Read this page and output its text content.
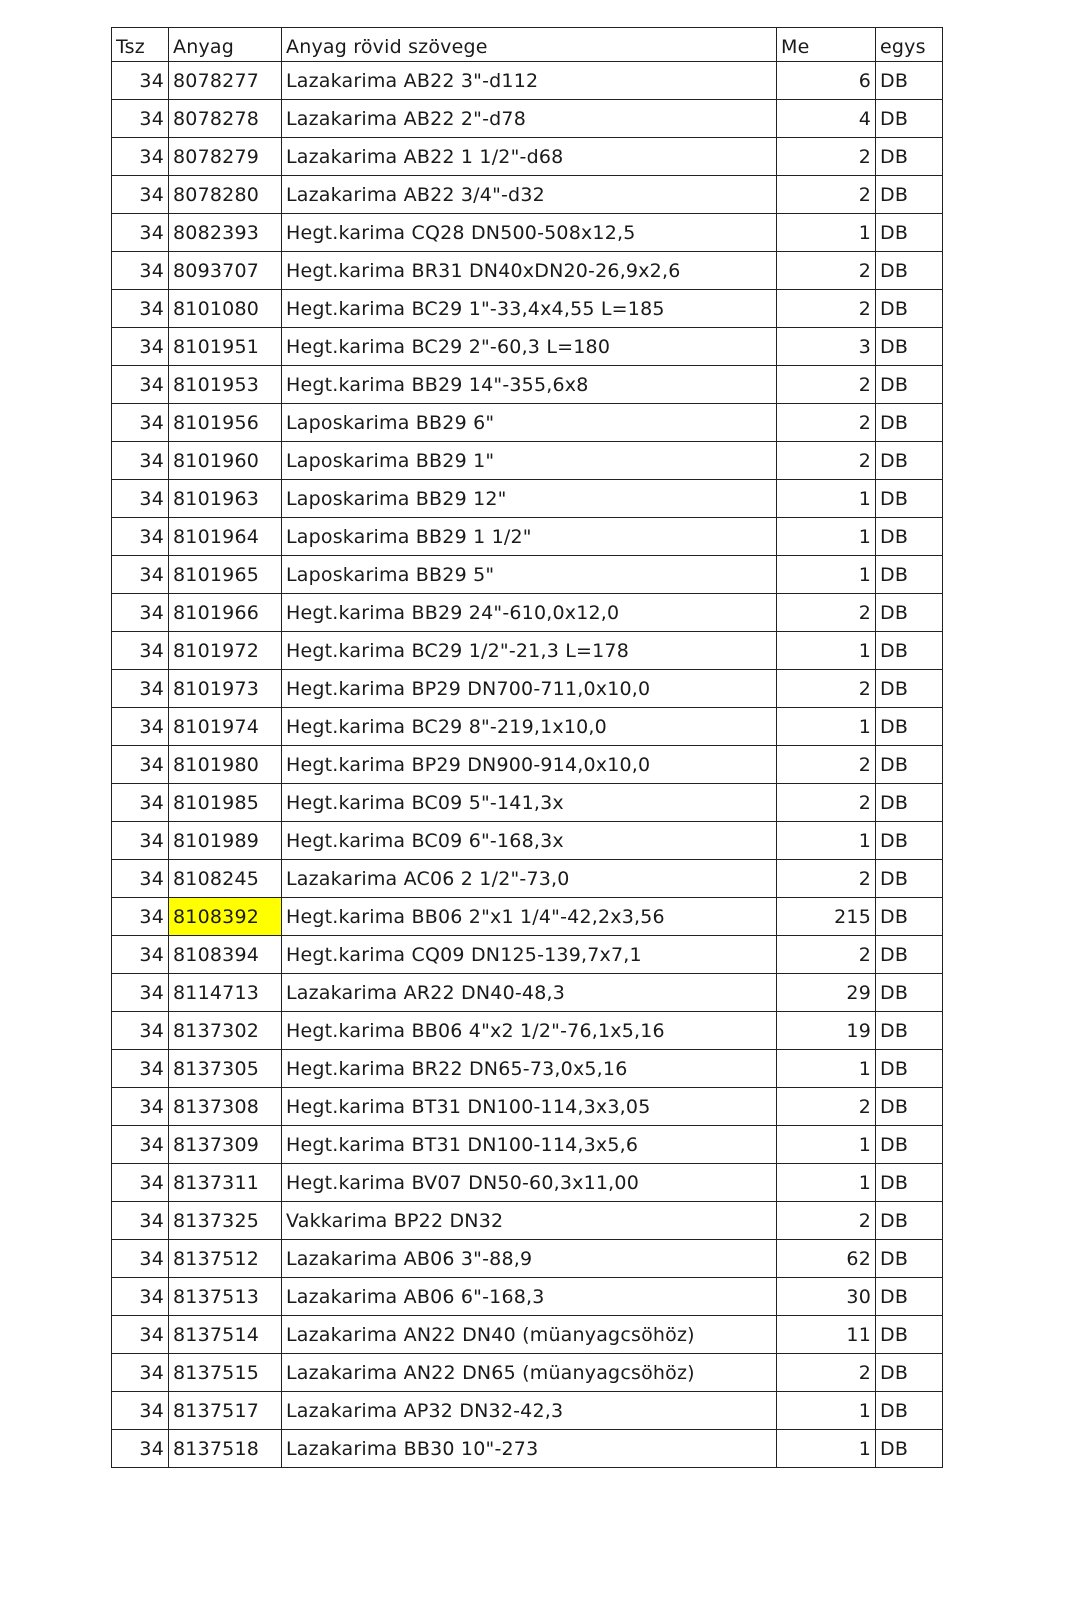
Tsz	Anyag	Anyag rövid szövege	Me	egys
34	8078277	Lazakarima AB22 3"-d112	6	DB
34	8078278	Lazakarima AB22 2"-d78	4	DB
34	8078279	Lazakarima AB22 1 1/2"-d68	2	DB
34	8078280	Lazakarima AB22 3/4"-d32	2	DB
34	8082393	Hegt.karima CQ28 DN500-508x12,5	1	DB
34	8093707	Hegt.karima BR31 DN40xDN20-26,9x2,6	2	DB
34	8101080	Hegt.karima BC29 1"-33,4x4,55 L=185	2	DB
34	8101951	Hegt.karima BC29 2"-60,3 L=180	3	DB
34	8101953	Hegt.karima BB29 14"-355,6x8	2	DB
34	8101956	Laposkarima BB29 6"	2	DB
34	8101960	Laposkarima BB29 1"	2	DB
34	8101963	Laposkarima BB29 12"	1	DB
34	8101964	Laposkarima BB29 1 1/2"	1	DB
34	8101965	Laposkarima BB29 5"	1	DB
34	8101966	Hegt.karima BB29 24"-610,0x12,0	2	DB
34	8101972	Hegt.karima BC29 1/2"-21,3 L=178	1	DB
34	8101973	Hegt.karima BP29 DN700-711,0x10,0	2	DB
34	8101974	Hegt.karima BC29 8"-219,1x10,0	1	DB
34	8101980	Hegt.karima BP29 DN900-914,0x10,0	2	DB
34	8101985	Hegt.karima BC09 5"-141,3x	2	DB
34	8101989	Hegt.karima BC09 6"-168,3x	1	DB
34	8108245	Lazakarima AC06 2 1/2"-73,0	2	DB
34	8108392	Hegt.karima BB06 2"x1 1/4"-42,2x3,56	215	DB
34	8108394	Hegt.karima CQ09 DN125-139,7x7,1	2	DB
34	8114713	Lazakarima AR22 DN40-48,3	29	DB
34	8137302	Hegt.karima BB06 4"x2 1/2"-76,1x5,16	19	DB
34	8137305	Hegt.karima BR22 DN65-73,0x5,16	1	DB
34	8137308	Hegt.karima BT31 DN100-114,3x3,05	2	DB
34	8137309	Hegt.karima BT31 DN100-114,3x5,6	1	DB
34	8137311	Hegt.karima BV07 DN50-60,3x11,00	1	DB
34	8137325	Vakkarima BP22 DN32	2	DB
34	8137512	Lazakarima AB06 3"-88,9	62	DB
34	8137513	Lazakarima AB06 6"-168,3	30	DB
34	8137514	Lazakarima AN22 DN40 (müanyagcsöhöz)	11	DB
34	8137515	Lazakarima AN22 DN65 (müanyagcsöhöz)	2	DB
34	8137517	Lazakarima AP32 DN32-42,3	1	DB
34	8137518	Lazakarima BB30 10"-273	1	DB
